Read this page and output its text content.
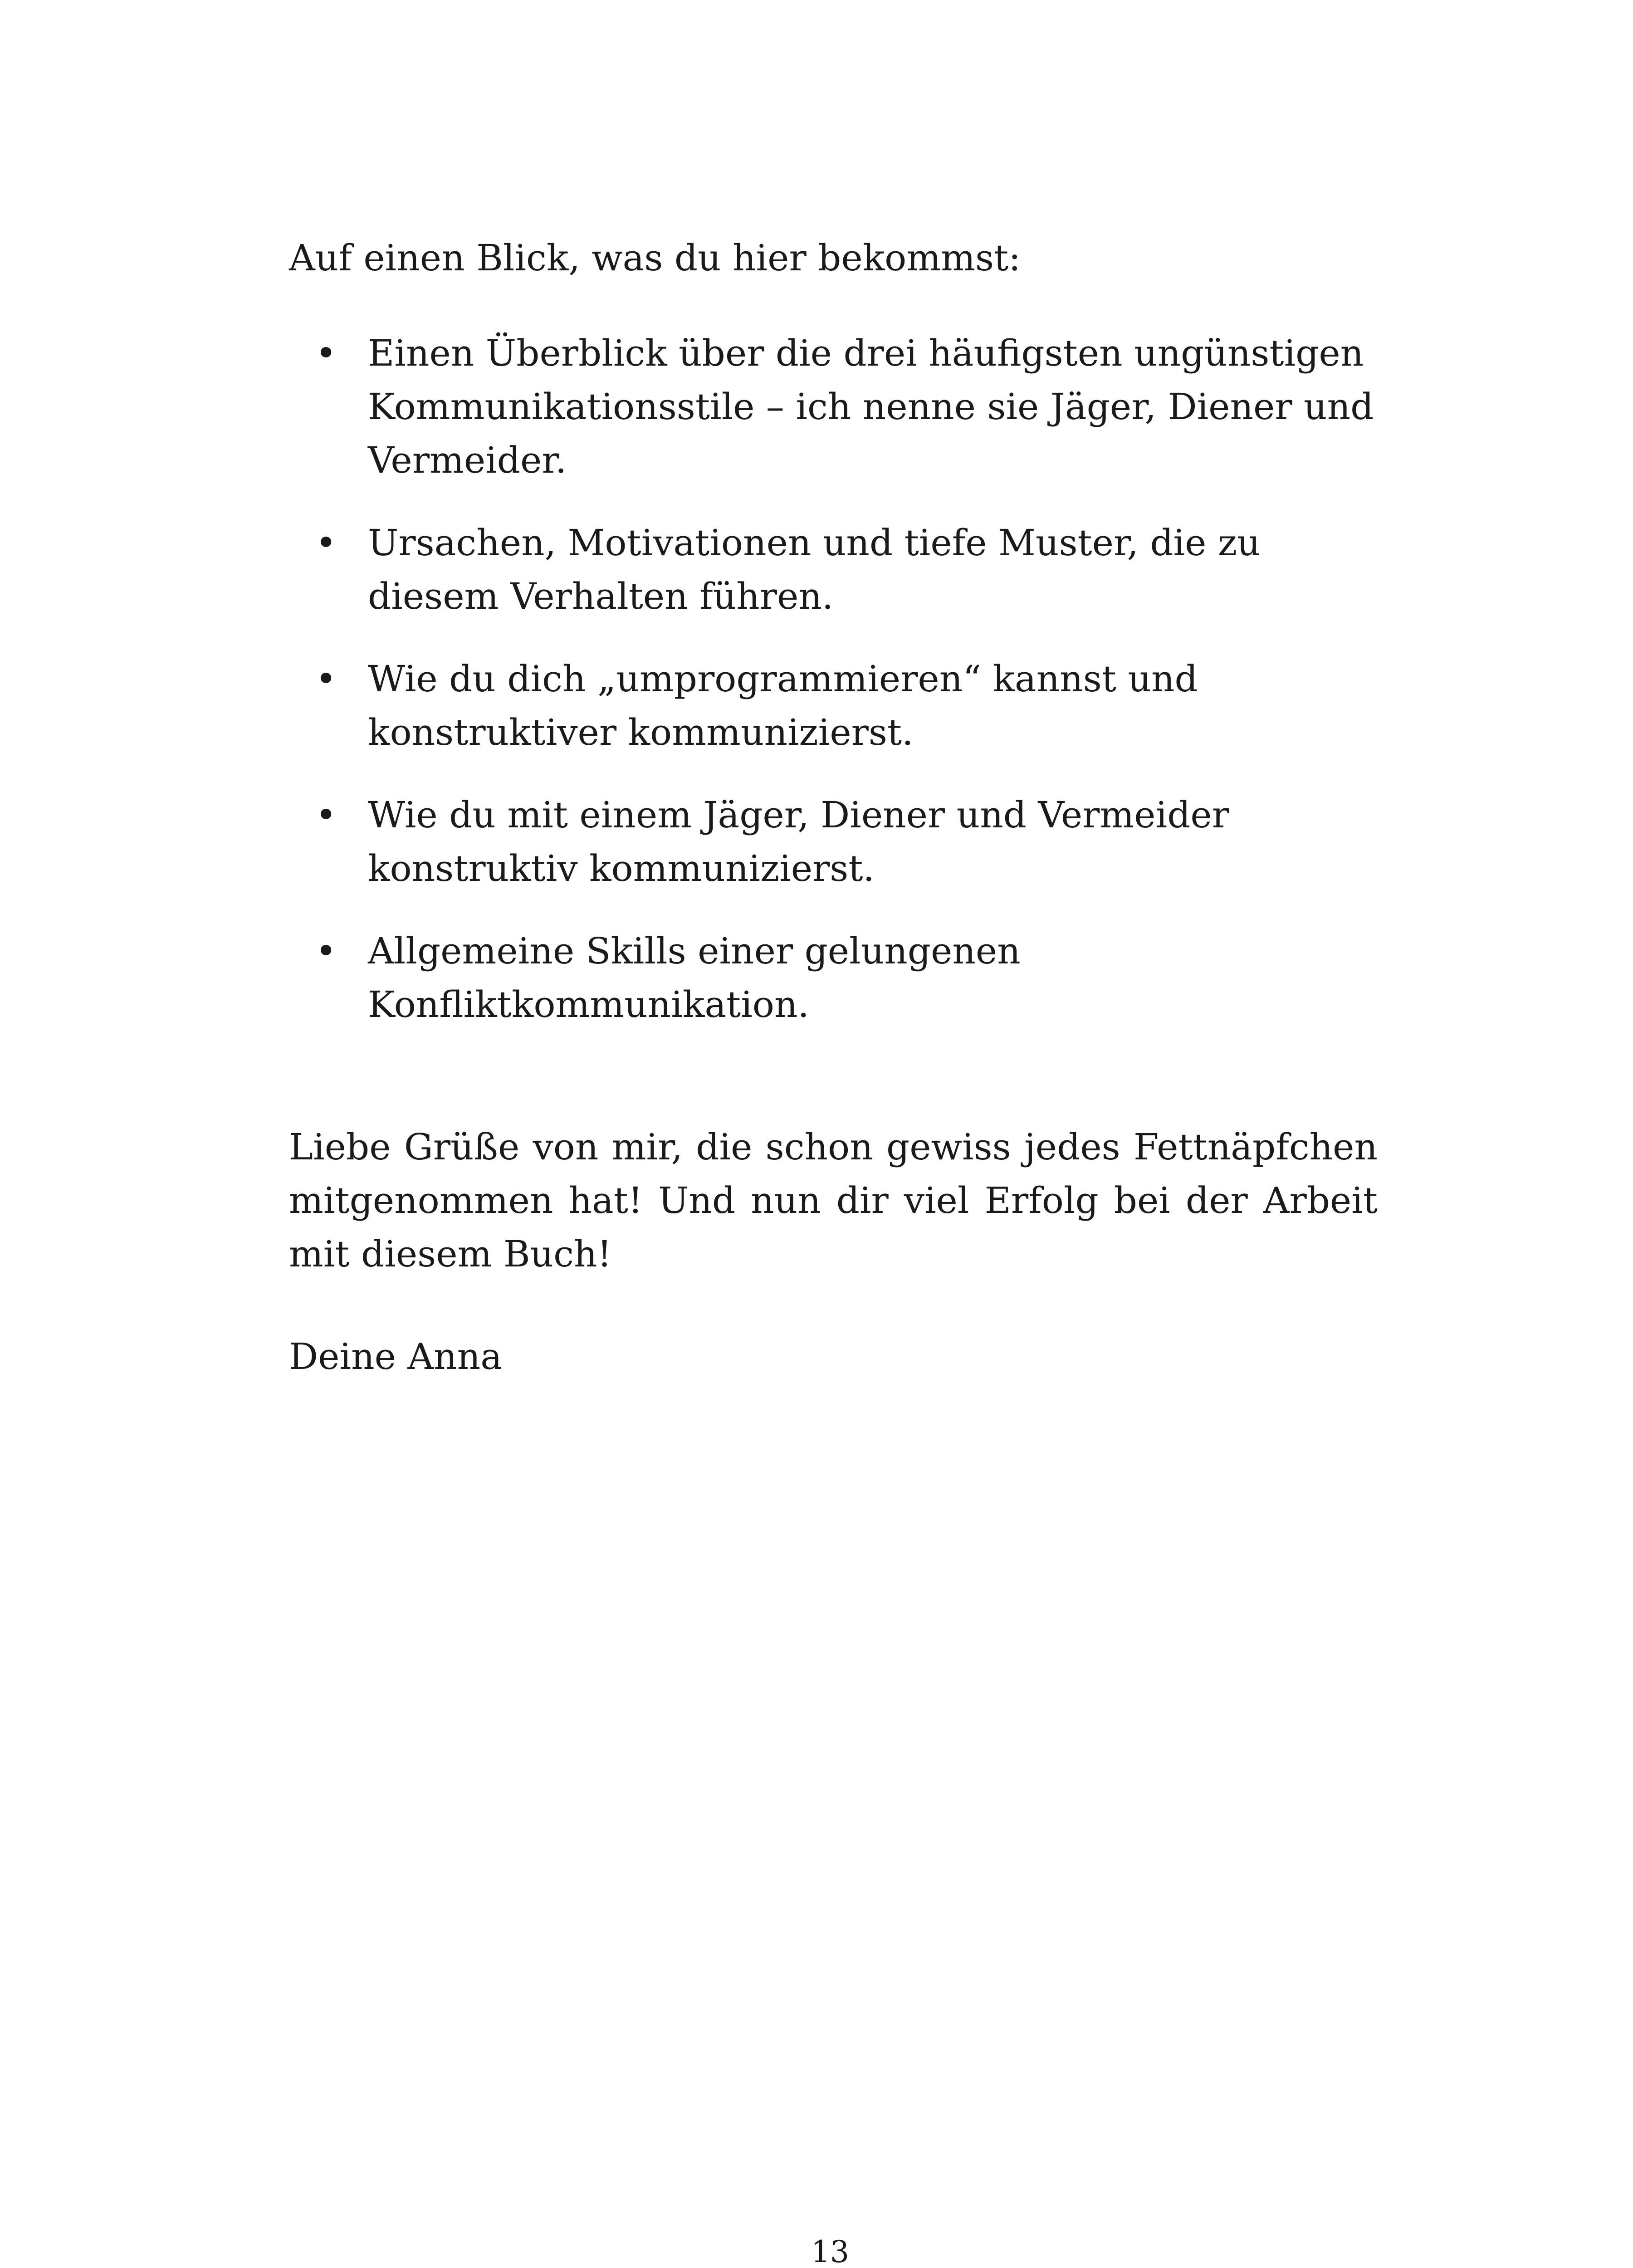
Auf einen Blick, was du hier bekommst:

• Einen Überblick über die drei häufigsten ungünstigen Kommunikationsstile – ich nenne sie Jäger, Diener und Vermeider.
• Ursachen, Motivationen und tiefe Muster, die zu diesem Verhalten führen.
• Wie du dich „umprogrammieren“ kannst und konstruktiver kommunizierst.
• Wie du mit einem Jäger, Diener und Vermeider konstruktiv kommunizierst.
• Allgemeine Skills einer gelungenen Konfliktkommunikation.

Liebe Grüße von mir, die schon gewiss jedes Fettnäpfchen mitgenommen hat! Und nun dir viel Erfolg bei der Arbeit mit diesem Buch!

Deine Anna

13
